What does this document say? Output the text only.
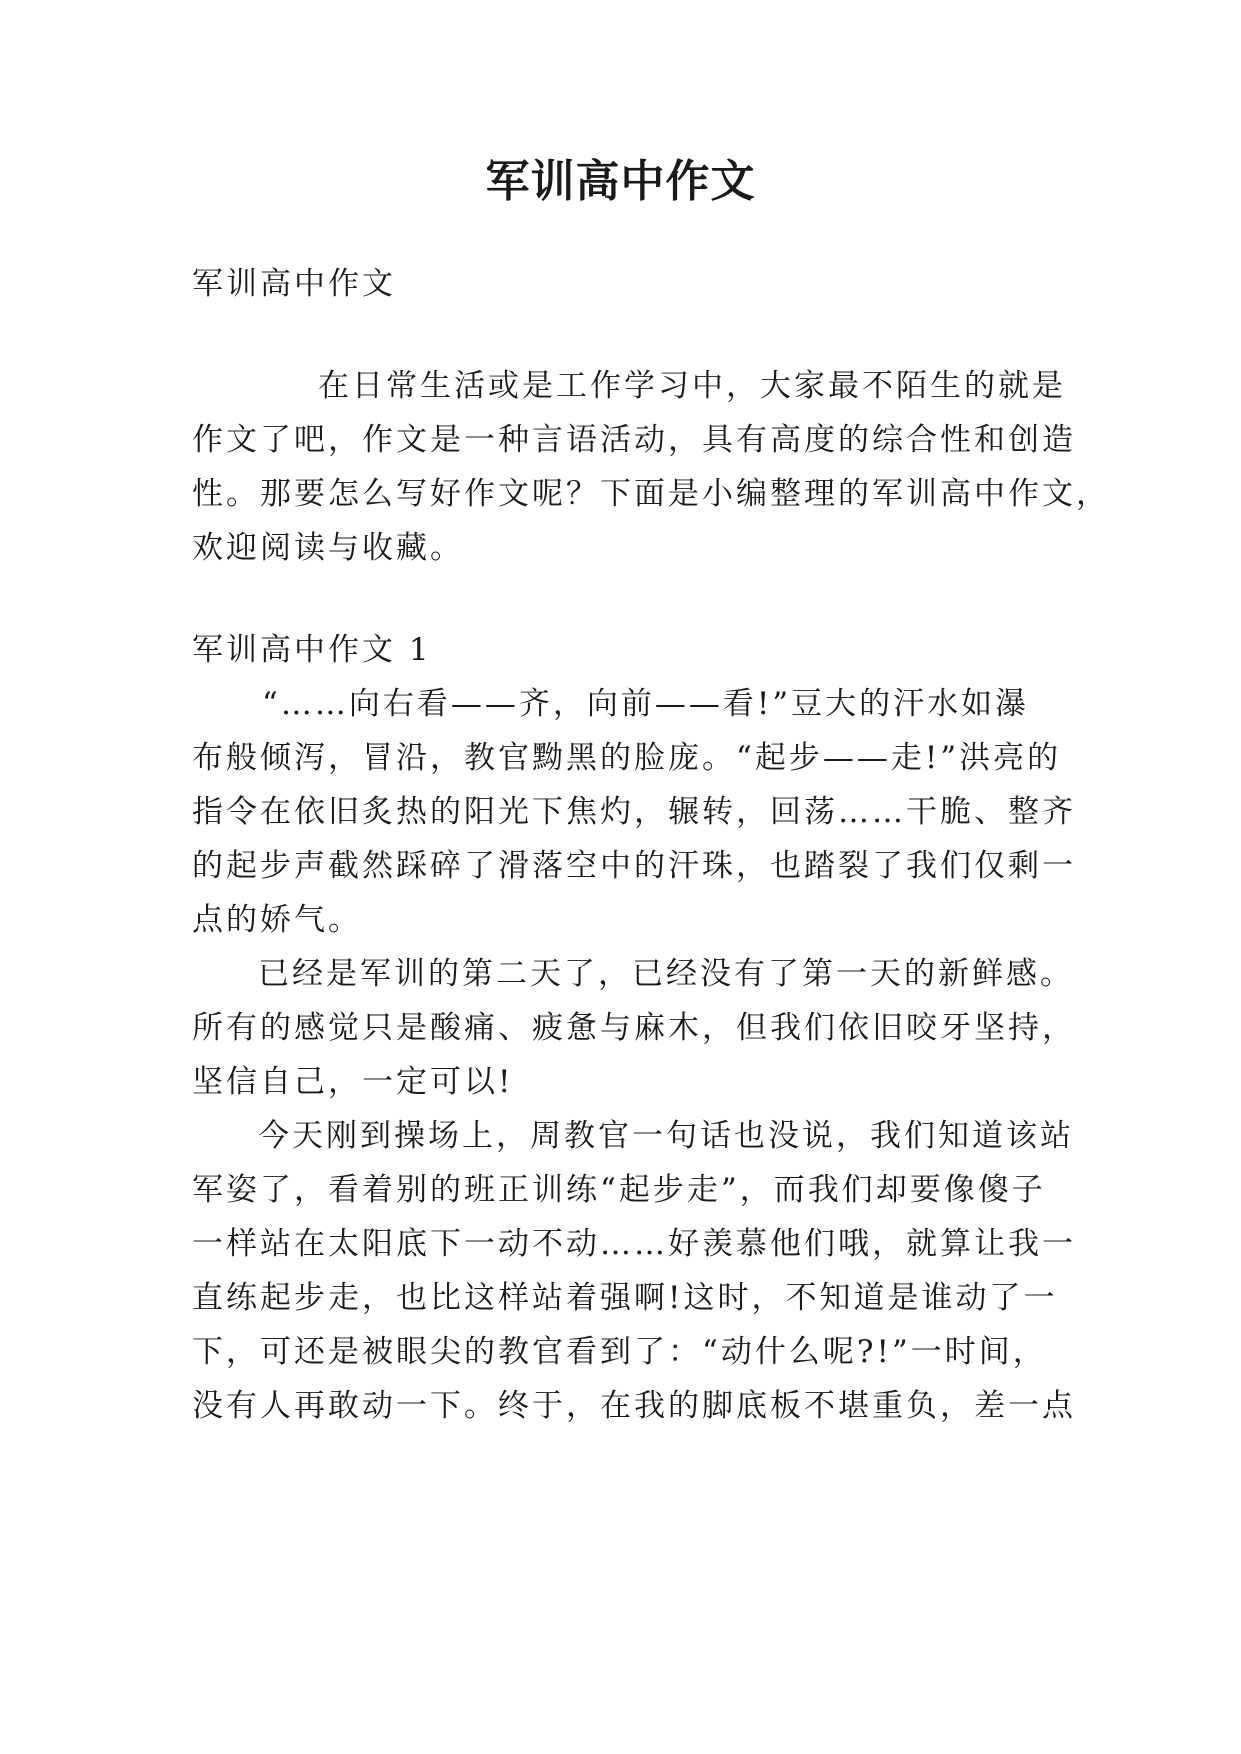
军训高中作文
军训高中作文
在日常生活或是工作学习中，大家最不陌生的就是
作文了吧，作文是一种言语活动，具有高度的综合性和创造
性。那要怎么写好作文呢？下面是小编整理的军训高中作文，
欢迎阅读与收藏。
军训高中作文 1
“……向右看——齐，向前——看!”豆大的汗水如瀑
布般倾泻，冒沿，教官黝黑的脸庞。“起步——走!”洪亮的
指令在依旧炙热的阳光下焦灼，辗转，回荡……干脆、整齐
的起步声截然踩碎了滑落空中的汗珠，也踏裂了我们仅剩一
点的娇气。
已经是军训的第二天了，已经没有了第一天的新鲜感。
所有的感觉只是酸痛、疲惫与麻木，但我们依旧咬牙坚持，
坚信自己，一定可以!
今天刚到操场上，周教官一句话也没说，我们知道该站
军姿了，看着别的班正训练“起步走”，而我们却要像傻子
一样站在太阳底下一动不动……好羡慕他们哦，就算让我一
直练起步走，也比这样站着强啊!这时，不知道是谁动了一
下，可还是被眼尖的教官看到了：“动什么呢?!”一时间，
没有人再敢动一下。终于，在我的脚底板不堪重负，差一点
